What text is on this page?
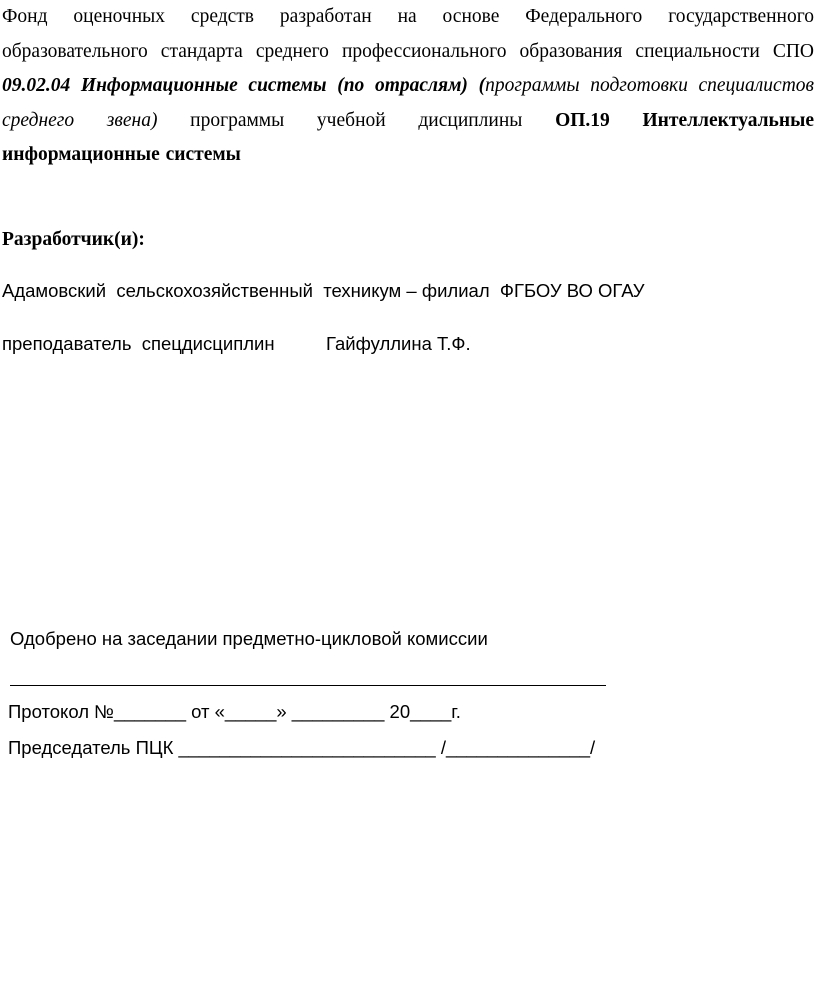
Фонд оценочных средств разработан на основе Федерального государственного образовательного стандарта среднего профессионального образования специальности СПО 09.02.04 Информационные системы (по отраслям) (программы подготовки специалистов среднего звена) программы учебной дисциплины ОП.19 Интеллектуальные информационные системы
Разработчик(и):
Адамовский  сельскохозяйственный  техникум – филиал  ФГБОУ ВО ОГАУ
преподаватель  спецдисциплин	Гайфуллина Т.Ф.
Одобрено на заседании предметно-цикловой комиссии
Протокол №_______ от «_____» _________ 20____г.
Председатель ПЦК _________________________ /______________/
